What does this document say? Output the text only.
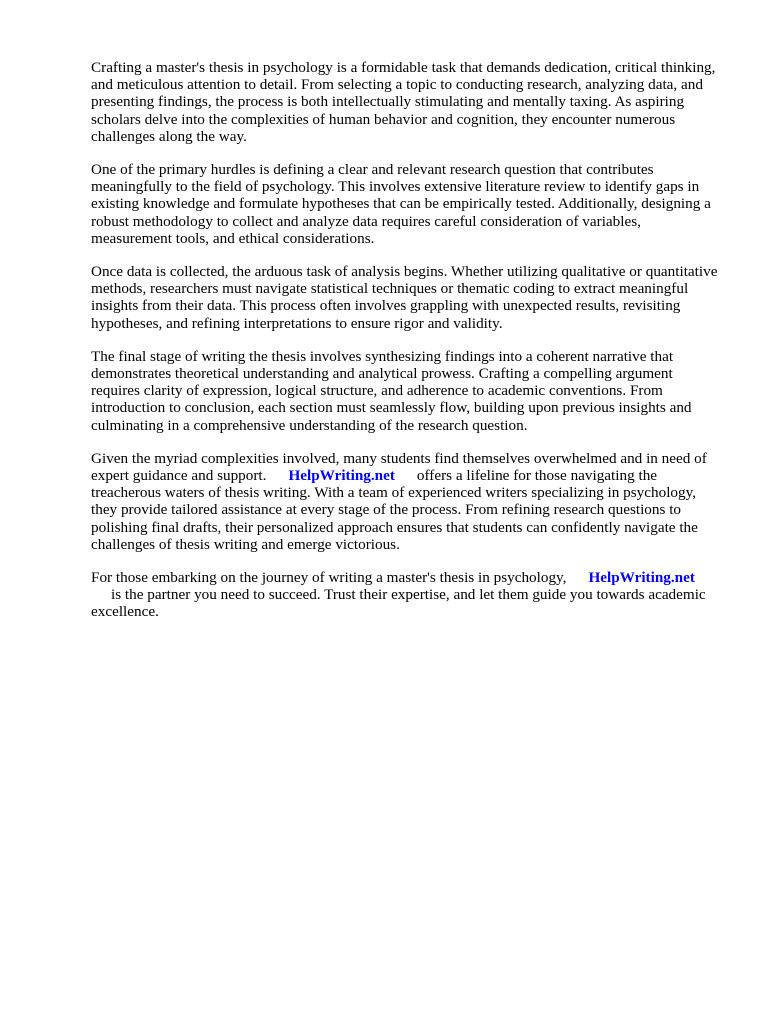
Crafting a master's thesis in psychology is a formidable task that demands dedication, critical thinking, and meticulous attention to detail. From selecting a topic to conducting research, analyzing data, and presenting findings, the process is both intellectually stimulating and mentally taxing. As aspiring scholars delve into the complexities of human behavior and cognition, they encounter numerous challenges along the way.

One of the primary hurdles is defining a clear and relevant research question that contributes meaningfully to the field of psychology. This involves extensive literature review to identify gaps in existing knowledge and formulate hypotheses that can be empirically tested. Additionally, designing a robust methodology to collect and analyze data requires careful consideration of variables, measurement tools, and ethical considerations.

Once data is collected, the arduous task of analysis begins. Whether utilizing qualitative or quantitative methods, researchers must navigate statistical techniques or thematic coding to extract meaningful insights from their data. This process often involves grappling with unexpected results, revisiting hypotheses, and refining interpretations to ensure rigor and validity.

The final stage of writing the thesis involves synthesizing findings into a coherent narrative that demonstrates theoretical understanding and analytical prowess. Crafting a compelling argument requires clarity of expression, logical structure, and adherence to academic conventions. From introduction to conclusion, each section must seamlessly flow, building upon previous insights and culminating in a comprehensive understanding of the research question.

Given the myriad complexities involved, many students find themselves overwhelmed and in need of expert guidance and support. HelpWriting.net offers a lifeline for those navigating the treacherous waters of thesis writing. With a team of experienced writers specializing in psychology, they provide tailored assistance at every stage of the process. From refining research questions to polishing final drafts, their personalized approach ensures that students can confidently navigate the challenges of thesis writing and emerge victorious.

For those embarking on the journey of writing a master's thesis in psychology, HelpWriting.net
is the partner you need to succeed. Trust their expertise, and let them guide you towards academic excellence.
